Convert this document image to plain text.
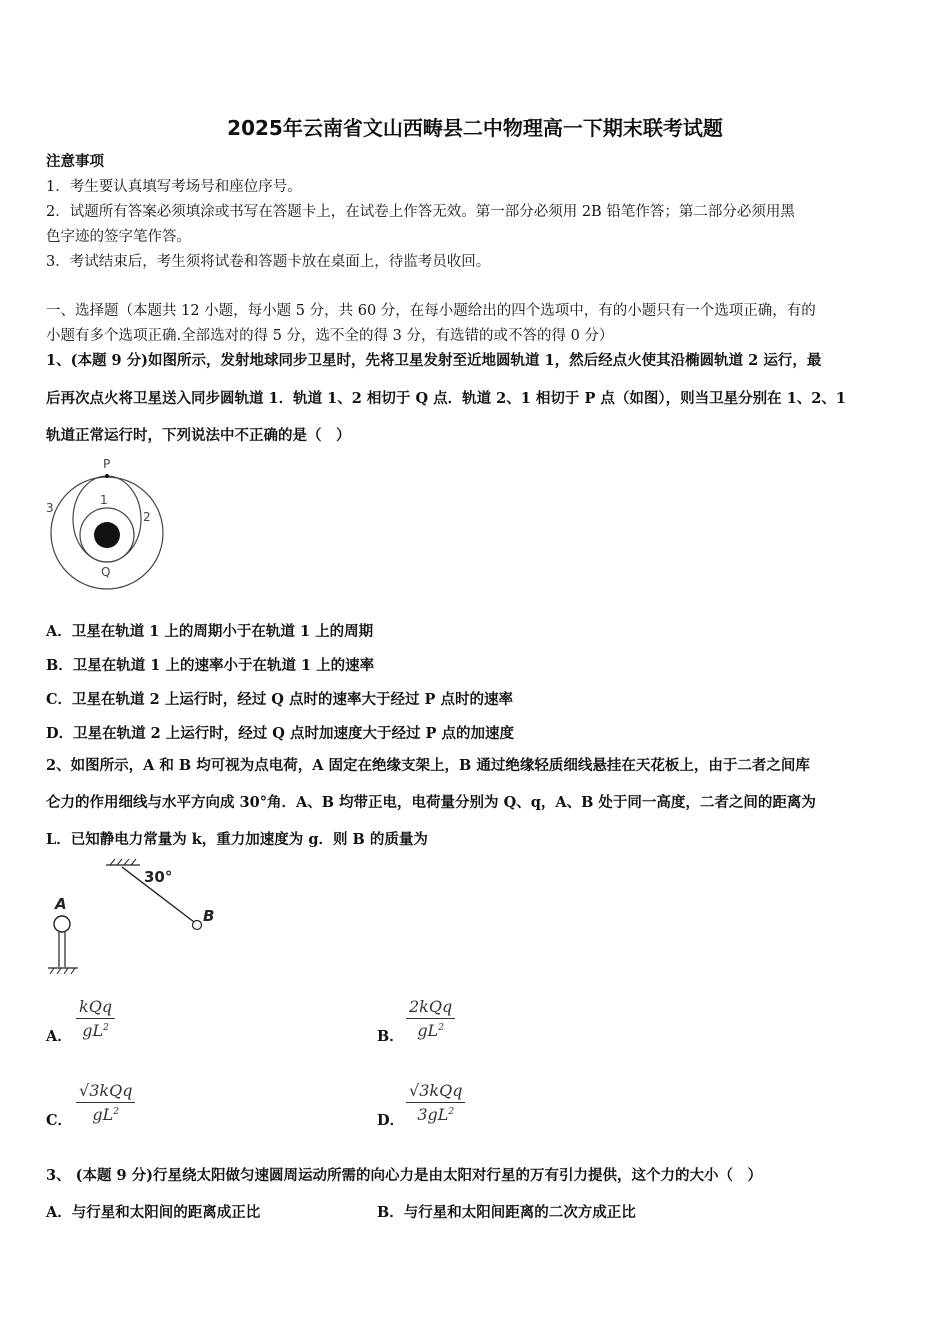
2025年云南省文山西畴县二中物理高一下期末联考试题
注意事项
1．考生要认真填写考场号和座位序号。
2．试题所有答案必须填涂或书写在答题卡上，在试卷上作答无效。第一部分必须用 2B 铅笔作答；第二部分必须用黑
色字迹的签字笔作答。
3．考试结束后，考生须将试卷和答题卡放在桌面上，待监考员收回。
一、选择题（本题共 12 小题，每小题 5 分，共 60 分，在每小题给出的四个选项中，有的小题只有一个选项正确，有的
小题有多个选项正确.全部选对的得 5 分，选不全的得 3 分，有选错的或不答的得 0 分）
1、(本题 9 分)如图所示，发射地球同步卫星时，先将卫星发射至近地圆轨道 1，然后经点火使其沿椭圆轨道 2 运行，最
后再次点火将卫星送入同步圆轨道 1．轨道 1、2 相切于 Q 点．轨道 2、1 相切于 P 点（如图），则当卫星分别在 1、2、1
轨道正常运行时，下列说法中不正确的是（　）
P
Q
1
2
3
A．卫星在轨道 1 上的周期小于在轨道 1 上的周期
B．卫星在轨道 1 上的速率小于在轨道 1 上的速率
C．卫星在轨道 2 上运行时，经过 Q 点时的速率大于经过 P 点时的速率
D．卫星在轨道 2 上运行时，经过 Q 点时加速度大于经过 P 点的加速度
2、如图所示，A 和 B 均可视为点电荷，A 固定在绝缘支架上，B 通过绝缘轻质细线悬挂在天花板上，由于二者之间库
仑力的作用细线与水平方向成 30°角．A、B 均带正电，电荷量分别为 Q、q，A、B 处于同一高度，二者之间的距离为
L．已知静电力常量为 k，重力加速度为 g．则 B 的质量为
30°
B
A
A．
kQq
$gL^2$	B．
2kQq
$gL^2$
C．
√3kQq
$gL^2$	D．
√3kQq
$3gL^2$
3、 (本题 9 分)行星绕太阳做匀速圆周运动所需的向心力是由太阳对行星的万有引力提供，这个力的大小（　）
A．与行星和太阳间的距离成正比	B．与行星和太阳间距离的二次方成正比
